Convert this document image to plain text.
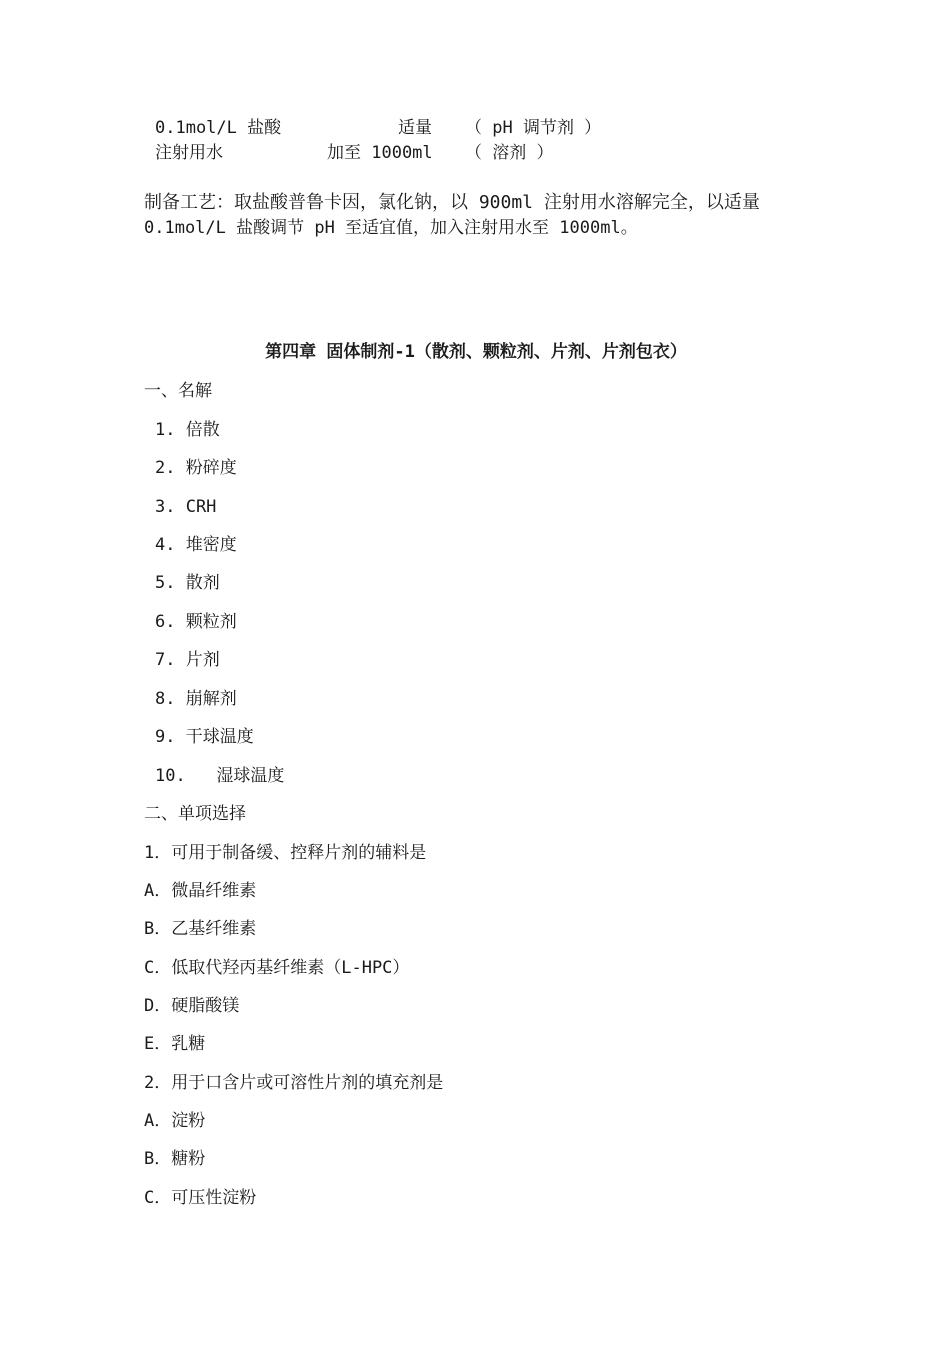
0.1mol/L 盐酸	适量 （ pH 调节剂 ）
注射用水	加至 1000ml （ 溶剂 ）
制备工艺：取盐酸普鲁卡因，氯化钠，以 900ml 注射用水溶解完全，以适量
0.1mol/L 盐酸调节 pH 至适宜值，加入注射用水至 1000ml。
第四章 固体制剂-1（散剂、颗粒剂、片剂、片剂包衣）
一、名解
1. 倍散
2. 粉碎度
3. CRH
4. 堆密度
5. 散剂
6. 颗粒剂
7. 片剂
8. 崩解剂
9. 干球温度
10.   湿球温度
二、单项选择
1．可用于制备缓、控释片剂的辅料是
A．微晶纤维素
B．乙基纤维素
C．低取代羟丙基纤维素（L-HPC）
D．硬脂酸镁
E．乳糖
2．用于口含片或可溶性片剂的填充剂是
A．淀粉
B．糖粉
C．可压性淀粉
